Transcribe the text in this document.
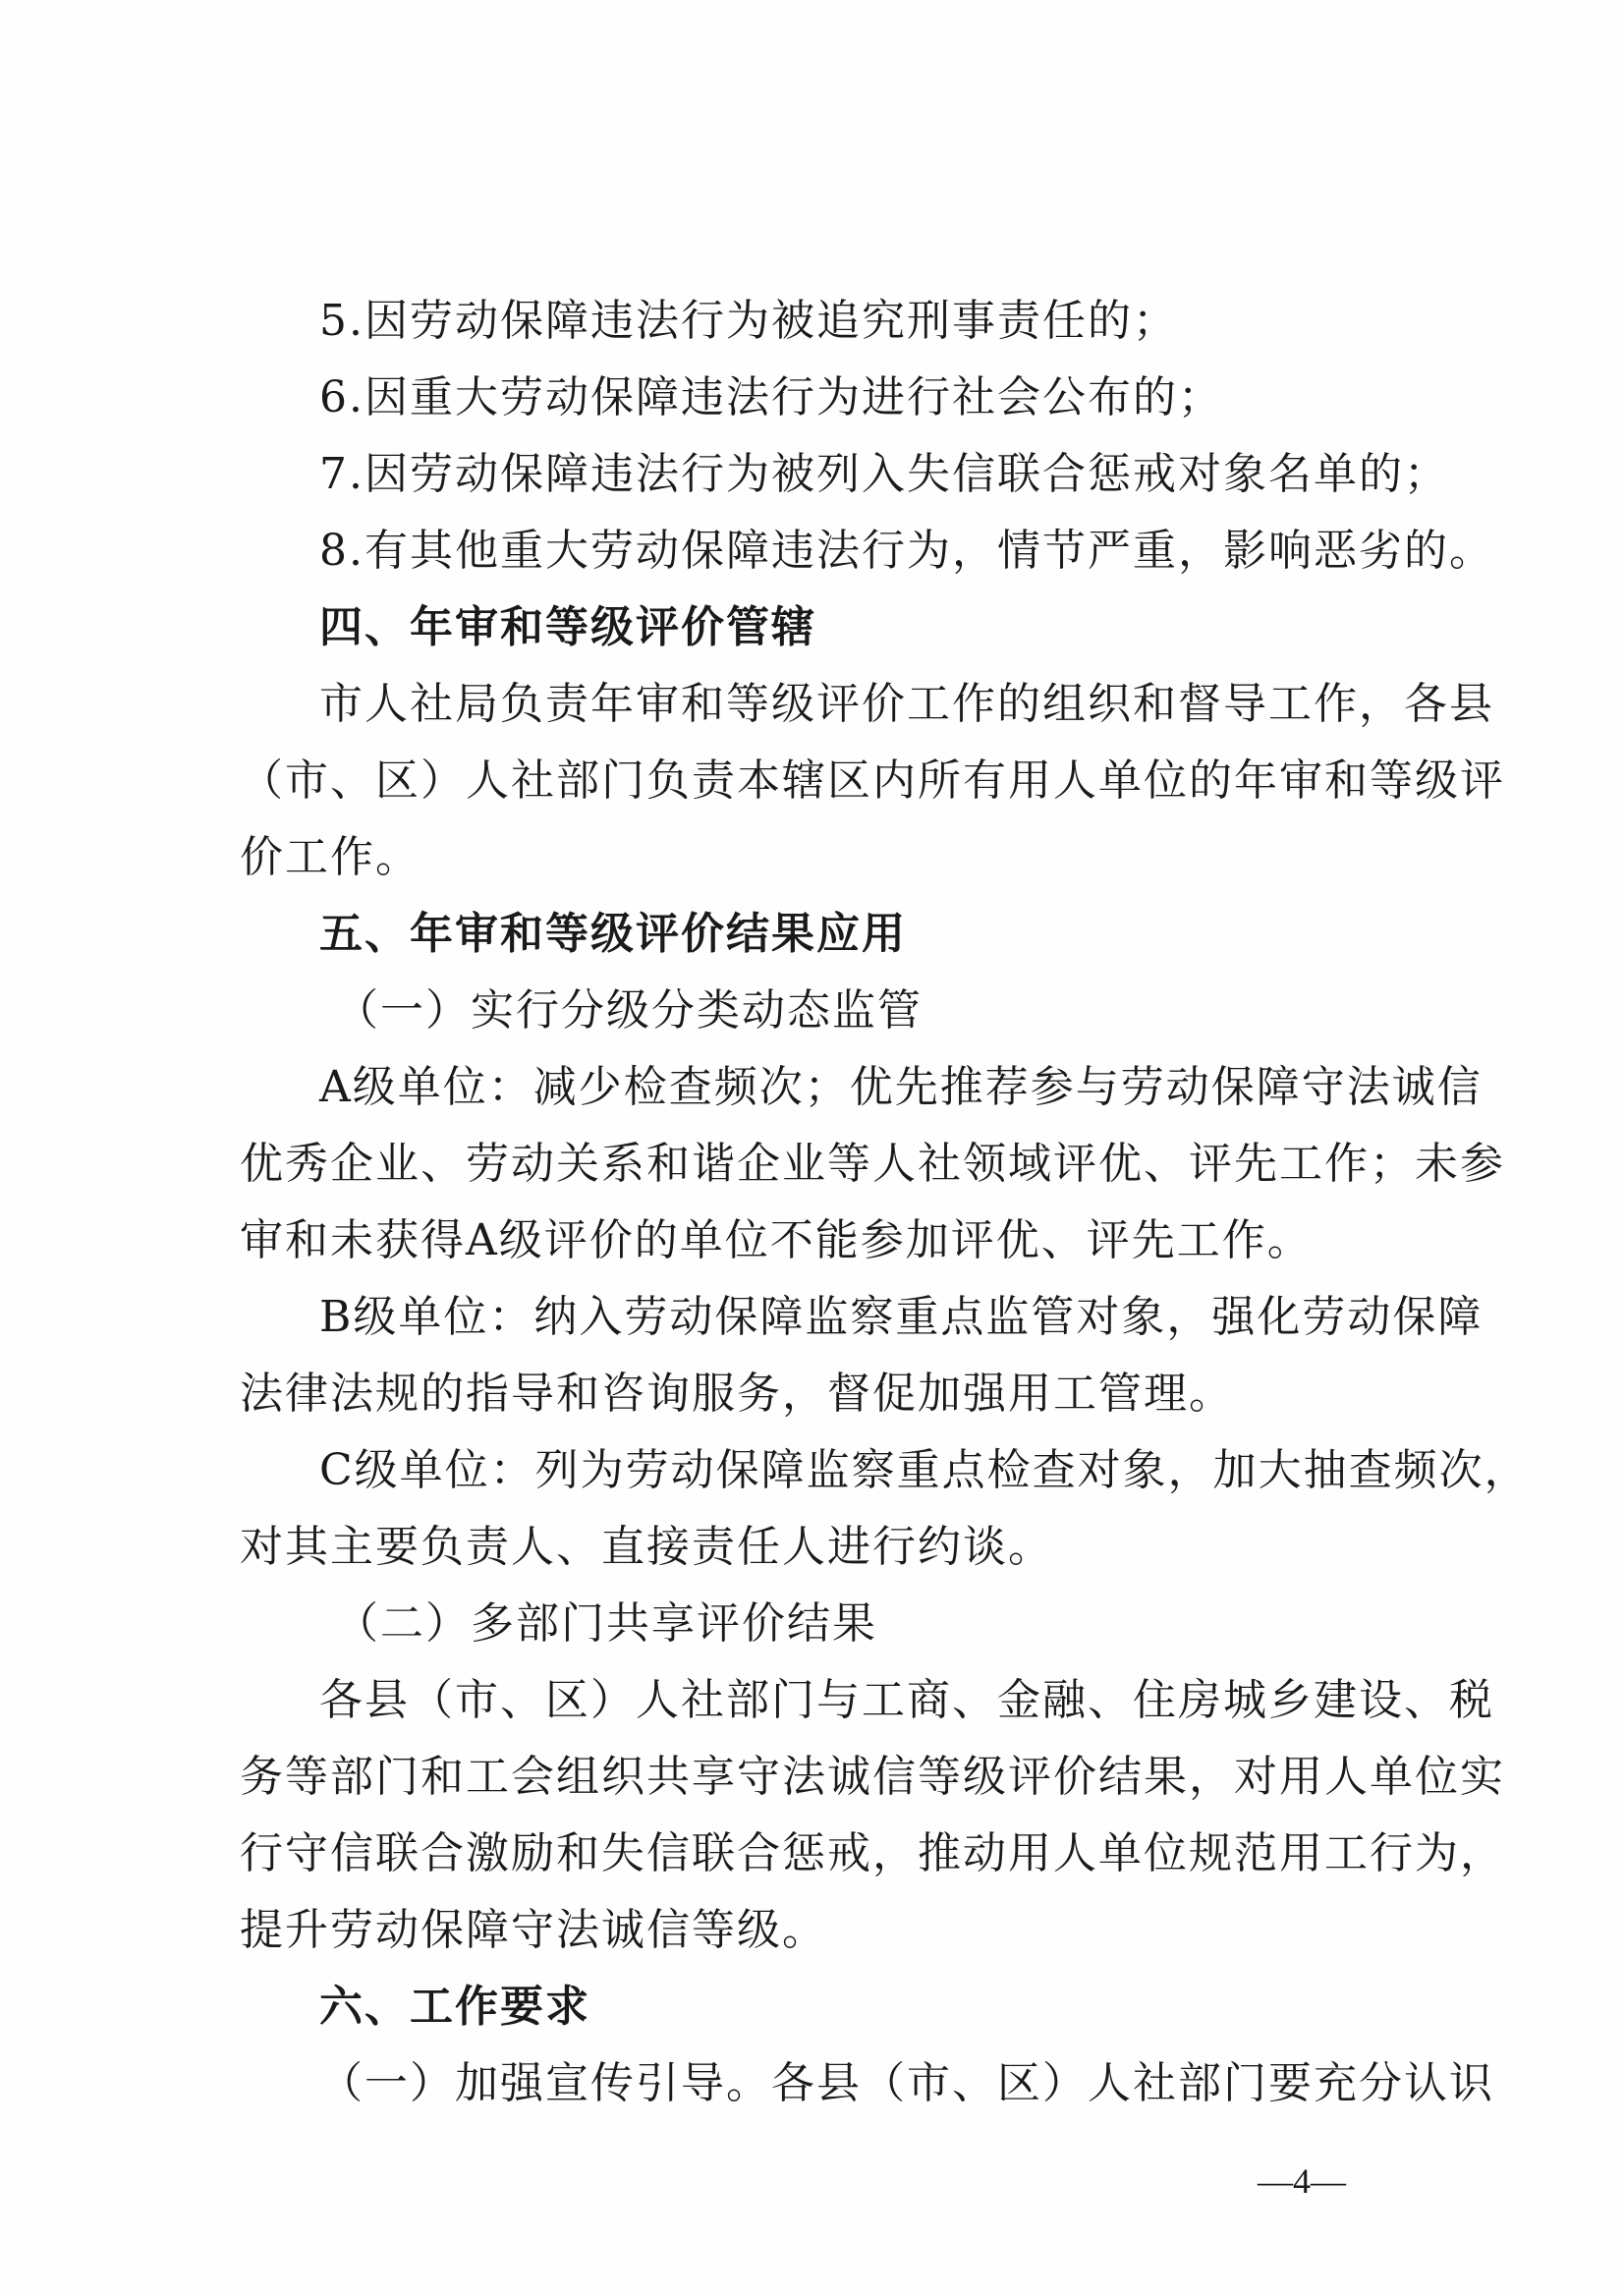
5.因劳动保障违法行为被追究刑事责任的；
6.因重大劳动保障违法行为进行社会公布的；
7.因劳动保障违法行为被列入失信联合惩戒对象名单的；
8.有其他重大劳动保障违法行为，情节严重，影响恶劣的。
四、年审和等级评价管辖
市人社局负责年审和等级评价工作的组织和督导工作，各县
（市、区）人社部门负责本辖区内所有用人单位的年审和等级评
价工作。
五、年审和等级评价结果应用
（一）实行分级分类动态监管
A级单位：减少检查频次；优先推荐参与劳动保障守法诚信
优秀企业、劳动关系和谐企业等人社领域评优、评先工作；未参
审和未获得A级评价的单位不能参加评优、评先工作。
B级单位：纳入劳动保障监察重点监管对象，强化劳动保障
法律法规的指导和咨询服务，督促加强用工管理。
C级单位：列为劳动保障监察重点检查对象，加大抽查频次，
对其主要负责人、直接责任人进行约谈。
（二）多部门共享评价结果
各县（市、区）人社部门与工商、金融、住房城乡建设、税
务等部门和工会组织共享守法诚信等级评价结果，对用人单位实
行守信联合激励和失信联合惩戒，推动用人单位规范用工行为，
提升劳动保障守法诚信等级。
六、工作要求
（一）加强宣传引导。各县（市、区）人社部门要充分认识
—4—
